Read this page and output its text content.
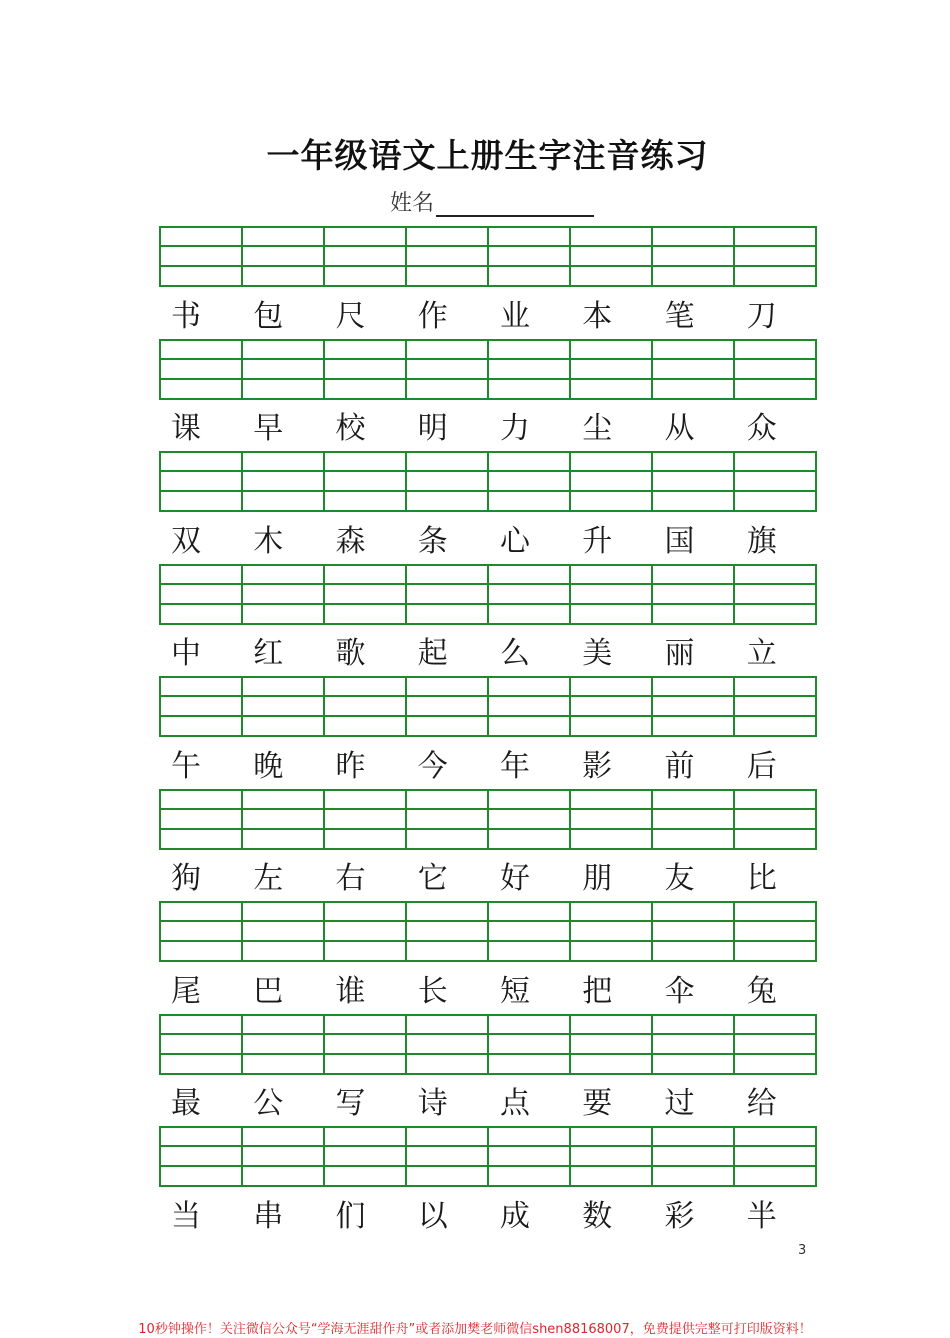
一年级语文上册生字注音练习
姓名
书	包	尺	作	业	本	笔	刀
课	早	校	明	力	尘	从	众
双	木	森	条	心	升	国	旗
中	红	歌	起	么	美	丽	立
午	晚	昨	今	年	影	前	后
狗	左	右	它	好	朋	友	比
尾	巴	谁	长	短	把	伞	兔
最	公	写	诗	点	要	过	给
当	串	们	以	成	数	彩	半
3
10秒钟操作！关注微信公众号“学海无涯甜作舟”或者添加樊老师微信shen88168007，免费提供完整可打印版资料！
